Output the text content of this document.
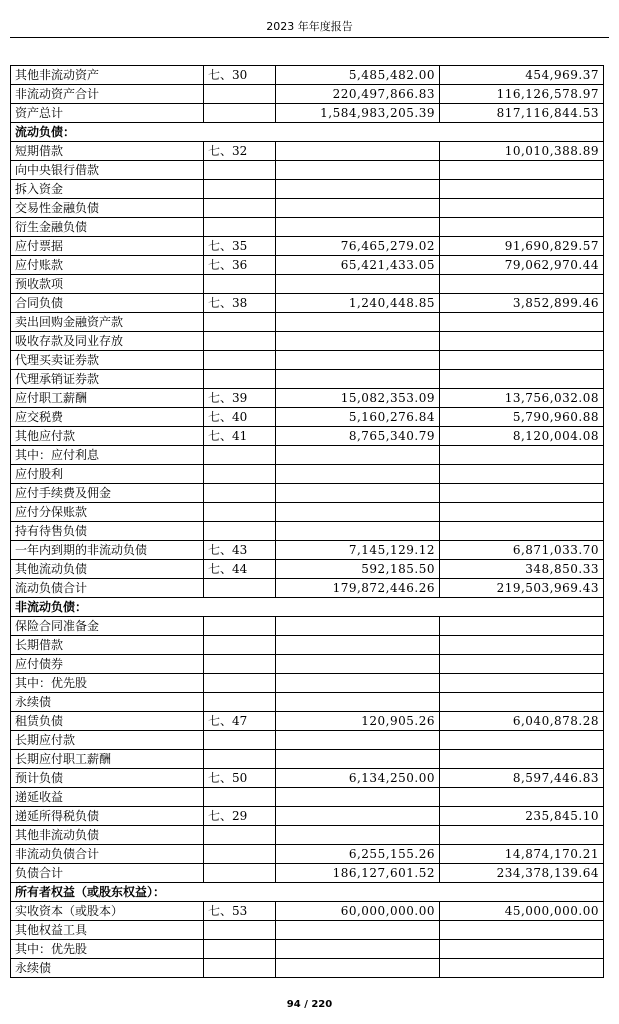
2023 年年度报告
其他非流动资产	七、30	5,485,482.00	454,969.37
非流动资产合计		220,497,866.83	116,126,578.97
资产总计		1,584,983,205.39	817,116,844.53
流动负债：			
短期借款	七、32		10,010,388.89
向中央银行借款			
拆入资金			
交易性金融负债			
衍生金融负债			
应付票据	七、35	76,465,279.02	91,690,829.57
应付账款	七、36	65,421,433.05	79,062,970.44
预收款项			
合同负债	七、38	1,240,448.85	3,852,899.46
卖出回购金融资产款			
吸收存款及同业存放			
代理买卖证券款			
代理承销证券款			
应付职工薪酬	七、39	15,082,353.09	13,756,032.08
应交税费	七、40	5,160,276.84	5,790,960.88
其他应付款	七、41	8,765,340.79	8,120,004.08
其中：应付利息			
应付股利			
应付手续费及佣金			
应付分保账款			
持有待售负债			
一年内到期的非流动负债	七、43	7,145,129.12	6,871,033.70
其他流动负债	七、44	592,185.50	348,850.33
流动负债合计		179,872,446.26	219,503,969.43
非流动负债：			
保险合同准备金			
长期借款			
应付债券			
其中：优先股			
永续债			
租赁负债	七、47	120,905.26	6,040,878.28
长期应付款			
长期应付职工薪酬			
预计负债	七、50	6,134,250.00	8,597,446.83
递延收益			
递延所得税负债	七、29		235,845.10
其他非流动负债			
非流动负债合计		6,255,155.26	14,874,170.21
负债合计		186,127,601.52	234,378,139.64
所有者权益（或股东权益）：			
实收资本（或股本）	七、53	60,000,000.00	45,000,000.00
其他权益工具			
其中：优先股			
永续债			
94 / 220
